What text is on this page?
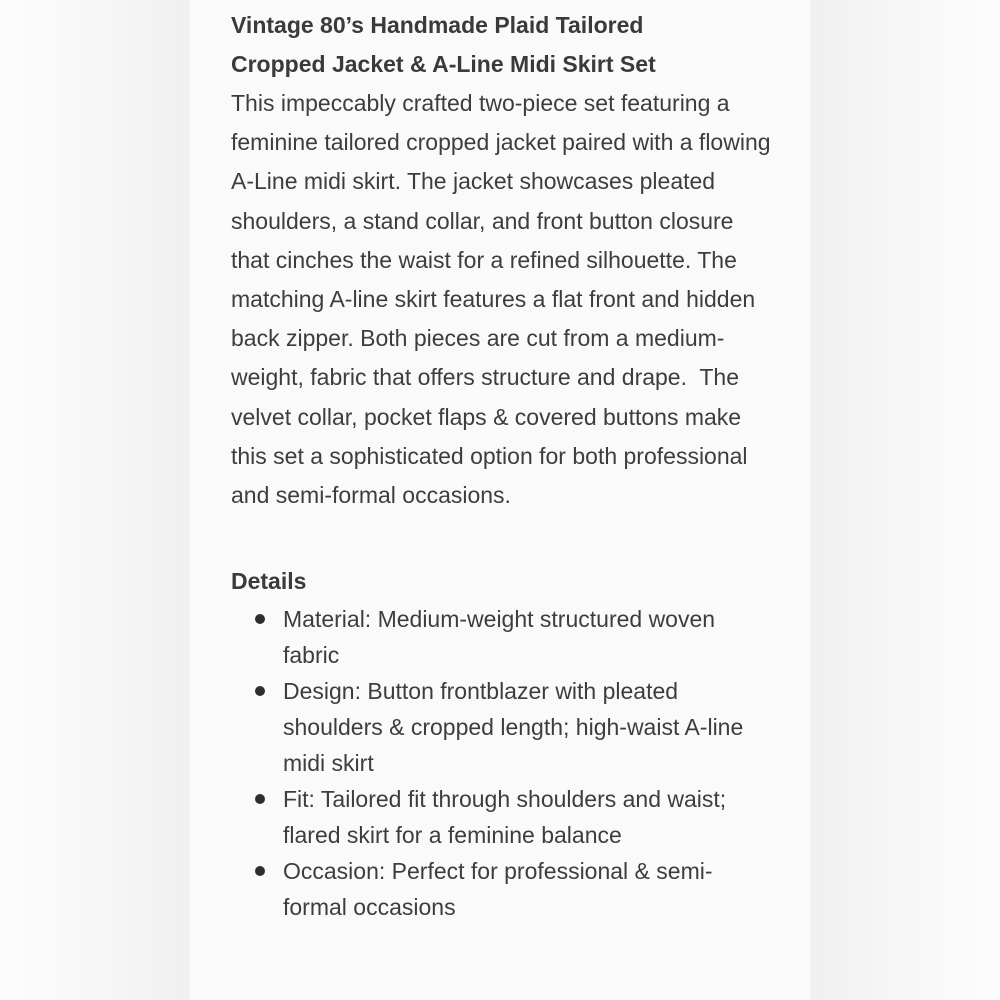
Vintage 80’s Handmade Plaid Tailored Cropped Jacket & A-Line Midi Skirt Set

This impeccably crafted two-piece set featuring a feminine tailored cropped jacket paired with a flowing A-Line midi skirt. The jacket showcases pleated shoulders, a stand collar, and front button closure that cinches the waist for a refined silhouette. The matching A-line skirt features a flat front and hidden back zipper. Both pieces are cut from a medium-weight, fabric that offers structure and drape.  The velvet collar, pocket flaps & covered buttons make this set a sophisticated option for both professional and semi-formal occasions.

Details
Material: Medium-weight structured woven fabric
Design: Button frontblazer with pleated shoulders & cropped length; high-waist A-line midi skirt
Fit: Tailored fit through shoulders and waist; flared skirt for a feminine balance
Occasion: Perfect for professional & semi-formal occasions
